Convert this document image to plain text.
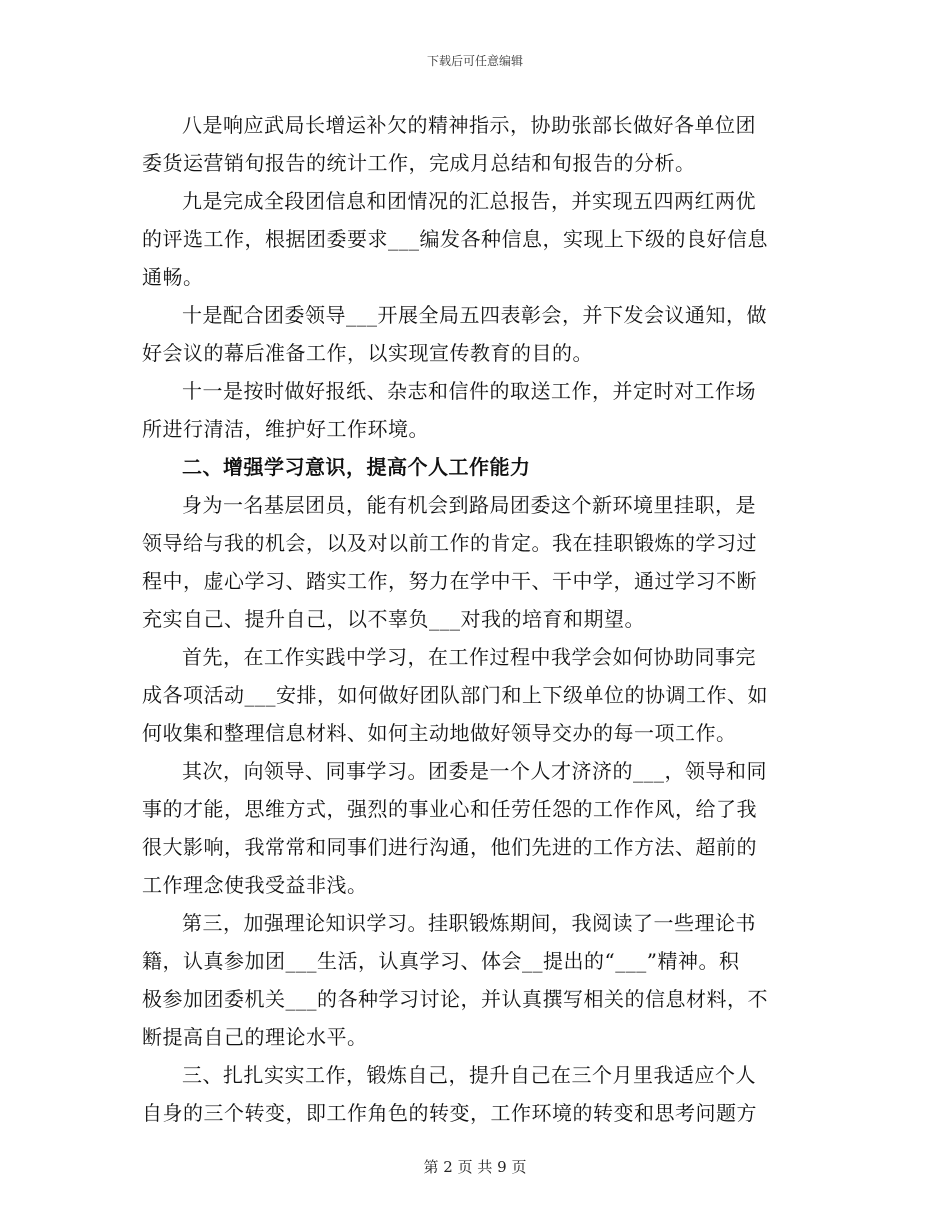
下载后可任意编辑

八是响应武局长增运补欠的精神指示，协助张部长做好各单位团
委货运营销旬报告的统计工作，完成月总结和旬报告的分析。

九是完成全段团信息和团情况的汇总报告，并实现五四两红两优
的评选工作，根据团委要求___编发各种信息，实现上下级的良好信息
通畅。

十是配合团委领导___开展全局五四表彰会，并下发会议通知，做
好会议的幕后准备工作，以实现宣传教育的目的。

十一是按时做好报纸、杂志和信件的取送工作，并定时对工作场
所进行清洁，维护好工作环境。

二、增强学习意识，提高个人工作能力

身为一名基层团员，能有机会到路局团委这个新环境里挂职，是
领导给与我的机会，以及对以前工作的肯定。我在挂职锻炼的学习过
程中，虚心学习、踏实工作，努力在学中干、干中学，通过学习不断
充实自己、提升自己，以不辜负___对我的培育和期望。

首先，在工作实践中学习，在工作过程中我学会如何协助同事完
成各项活动___安排，如何做好团队部门和上下级单位的协调工作、如
何收集和整理信息材料、如何主动地做好领导交办的每一项工作。

其次，向领导、同事学习。团委是一个人才济济的___，领导和同
事的才能，思维方式，强烈的事业心和任劳任怨的工作作风，给了我
很大影响，我常常和同事们进行沟通，他们先进的工作方法、超前的
工作理念使我受益非浅。

第三，加强理论知识学习。挂职锻炼期间，我阅读了一些理论书
籍，认真参加团___生活，认真学习、体会__提出的“___”精神。积
极参加团委机关___的各种学习讨论，并认真撰写相关的信息材料，不
断提高自己的理论水平。

三、扎扎实实工作，锻炼自己，提升自己在三个月里我适应个人
自身的三个转变，即工作角色的转变，工作环境的转变和思考问题方

第 2 页 共 9 页
